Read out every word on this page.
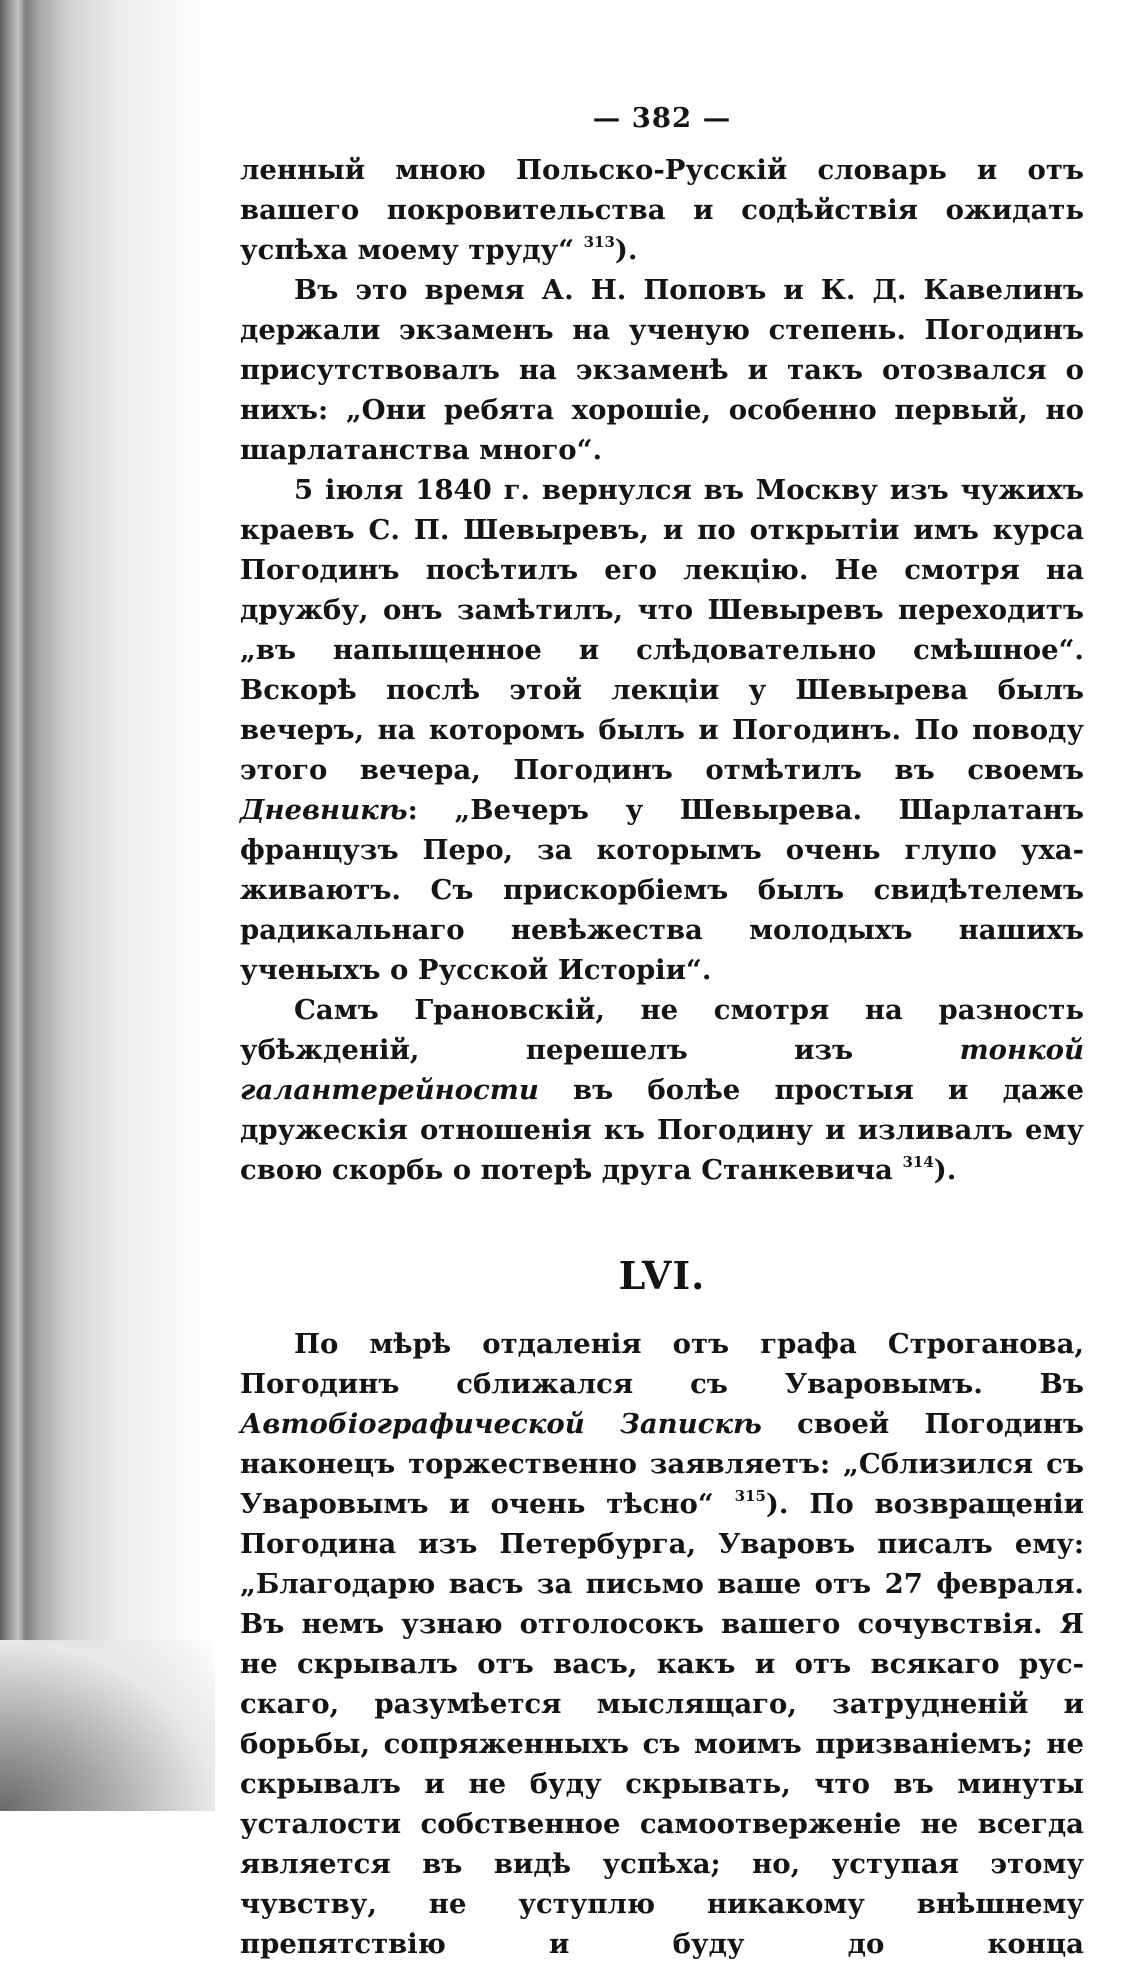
— 382 —

ленный мною Польско-Русскій словарь и отъ вашего покровительства и содѣйствія ожидать успѣха моему труду“ $^{313}$).

Въ это время А. Н. Поповъ и К. Д. Кавелинъ держали экзаменъ на ученую степень. Погодинъ присутствовалъ на экзаменѣ и такъ отозвался о нихъ: „Они ребята хорошіе, особенно первый, но шарлатанства много“.

5 іюля 1840 г. вернулся въ Москву изъ чужихъ краевъ С. П. Шевыревъ, и по открытіи имъ курса Погодинъ посѣтилъ его лекцію. Не смотря на дружбу, онъ замѣтилъ, что Шевыревъ переходитъ „въ напыщенное и слѣдовательно смѣшное“. Вскорѣ послѣ этой лекціи у Шевырева былъ вечеръ, на которомъ былъ и Погодинъ. По поводу этого вечера, Погодинъ отмѣтилъ въ своемъ Дневникѣ: „Вечеръ у Шевырева. Шарлатанъ французъ Перо, за которымъ очень глупо ухаживаютъ. Съ прискорбіемъ былъ свидѣтелемъ радикальнаго невѣжества молодыхъ нашихъ ученыхъ о Русской Исторіи“.

Самъ Грановскій, не смотря на разность убѣжденій, перешелъ изъ тонкой галантерейности въ болѣе простыя и даже дружескія отношенія къ Погодину и изливалъ ему свою скорбь о потерѣ друга Станкевича $^{314}$).

LVI.

По мѣрѣ отдаленія отъ графа Строганова, Погодинъ сближался съ Уваровымъ. Въ Автобіографической Запискѣ своей Погодинъ наконецъ торжественно заявляетъ: „Сблизился съ Уваровымъ и очень тѣсно“ $^{315}$). По возвращеніи Погодина изъ Петербурга, Уваровъ писалъ ему: „Благодарю васъ за письмо ваше отъ 27 февраля. Въ немъ узнаю отголосокъ вашего сочувствія. Я не скрывалъ отъ васъ, какъ и отъ всякаго русскаго, разумѣется мыслящаго, затрудненій и борьбы, сопряженныхъ съ моимъ призваніемъ; не скрывалъ и не буду скрывать, что въ минуты усталости собственное самоотверженіе не всегда является въ видѣ успѣха; но, уступая этому чувству, не уступлю никакому внѣшнему препятствію и буду до конца
